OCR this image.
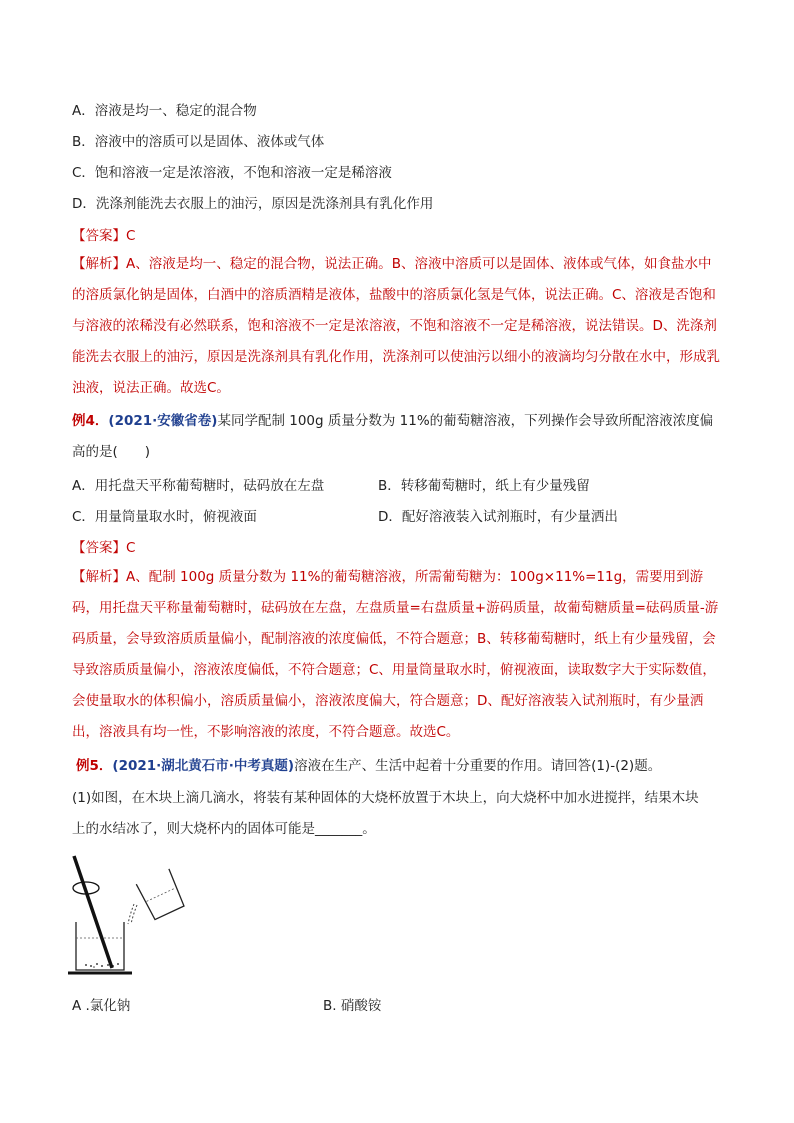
A．溶液是均一、稳定的混合物
B．溶液中的溶质可以是固体、液体或气体
C．饱和溶液一定是浓溶液，不饱和溶液一定是稀溶液
D．洗涤剂能洗去衣服上的油污，原因是洗涤剂具有乳化作用
【答案】C
【解析】A、溶液是均一、稳定的混合物，说法正确。B、溶液中溶质可以是固体、液体或气体，如食盐水中的溶质氯化钠是固体，白酒中的溶质酒精是液体，盐酸中的溶质氯化氢是气体，说法正确。C、溶液是否饱和与溶液的浓稀没有必然联系，饱和溶液不一定是浓溶液，不饱和溶液不一定是稀溶液，说法错误。D、洗涤剂能洗去衣服上的油污，原因是洗涤剂具有乳化作用，洗涤剂可以使油污以细小的液滴均匀分散在水中，形成乳浊液，说法正确。故选C。
例4．(2021·安徽省卷)某同学配制 100g 质量分数为 11%的葡萄糖溶液，下列操作会导致所配溶液浓度偏高的是(　　)
A．用托盘天平称葡萄糖时，砝码放在左盘	B．转移葡萄糖时，纸上有少量残留
C．用量筒量取水时，俯视液面	D．配好溶液装入试剂瓶时，有少量洒出
【答案】C
【解析】A、配制 100g 质量分数为 11%的葡萄糖溶液，所需葡萄糖为：100g×11%=11g，需要用到游码，用托盘天平称量葡萄糖时，砝码放在左盘，左盘质量=右盘质量+游码质量，故葡萄糖质量=砝码质量-游码质量，会导致溶质质量偏小，配制溶液的浓度偏低，不符合题意；B、转移葡萄糖时，纸上有少量残留，会导致溶质质量偏小，溶液浓度偏低，不符合题意；C、用量筒量取水时，俯视液面，读取数字大于实际数值，会使量取水的体积偏小，溶质质量偏小，溶液浓度偏大，符合题意；D、配好溶液装入试剂瓶时，有少量洒出，溶液具有均一性，不影响溶液的浓度，不符合题意。故选C。
例5．(2021·湖北黄石市·中考真题)溶液在生产、生活中起着十分重要的作用。请回答(1)-(2)题。
(1)如图，在木块上滴几滴水，将装有某种固体的大烧杯放置于木块上，向大烧杯中加水进搅拌，结果木块
上的水结冰了，则大烧杯内的固体可能是_______。
A .氯化钠	B. 硝酸铵
